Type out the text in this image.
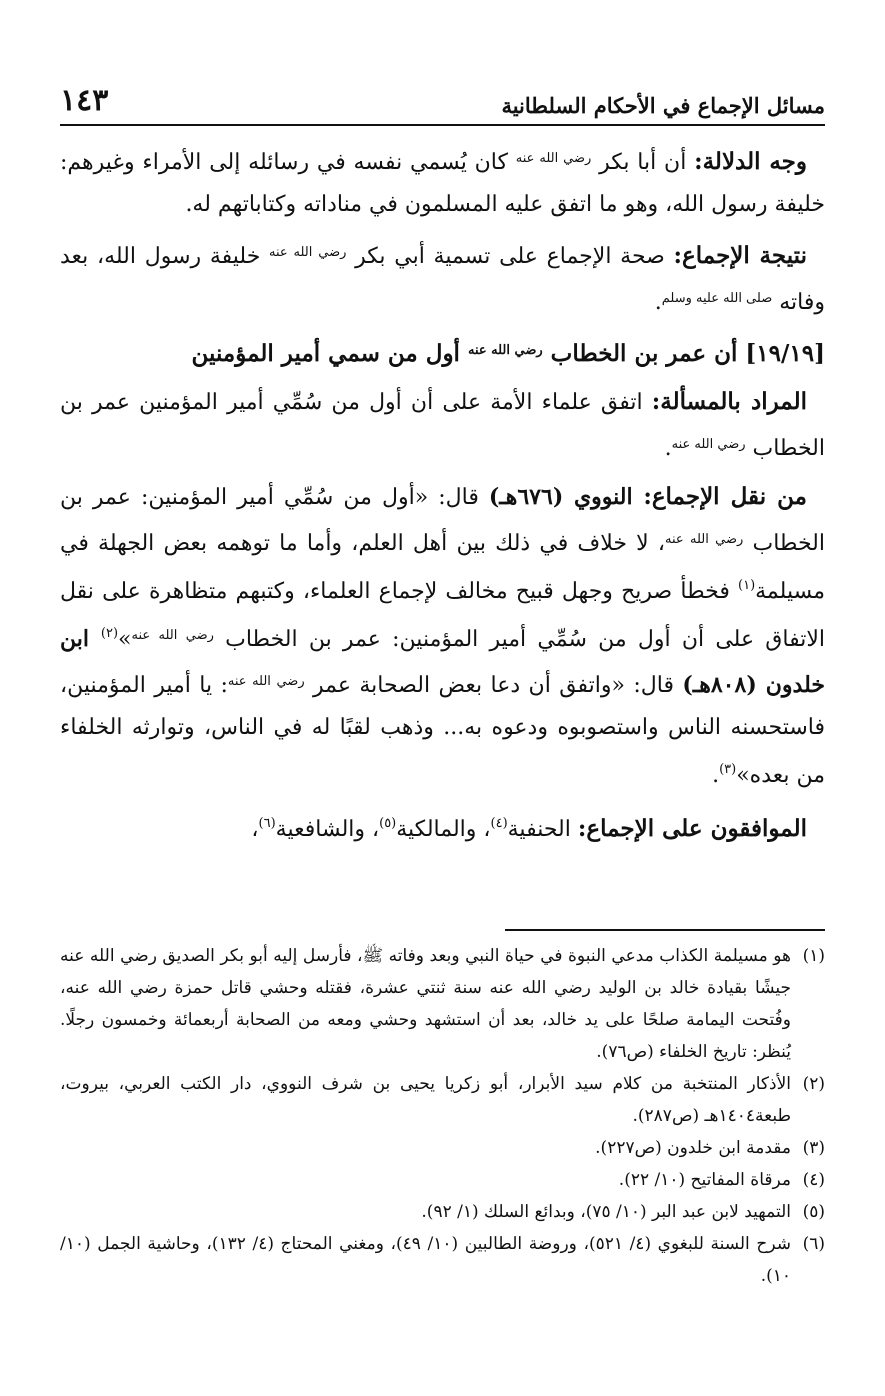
مسائل الإجماع في الأحكام السلطانية
١٤٣

وجه الدلالة: أن أبا بكر $^{رضي الله عنه}$ كان يُسمي نفسه في رسائله إلى الأمراء وغيرهم: خليفة رسول الله، وهو ما اتفق عليه المسلمون في مناداته وكتاباتهم له.

نتيجة الإجماع: صحة الإجماع على تسمية أبي بكر $^{رضي الله عنه}$ خليفة رسول الله، بعد وفاته $^{صلى الله عليه وسلم}$.

[١٩/١٩] أن عمر بن الخطاب $^{رضي الله عنه}$ أول من سمي أمير المؤمنين

المراد بالمسألة: اتفق علماء الأمة على أن أول من سُمِّي أمير المؤمنين عمر بن الخطاب $^{رضي الله عنه}$.

من نقل الإجماع: النووي (٦٧٦هـ) قال: «أول من سُمِّي أمير المؤمنين: عمر بن الخطاب $^{رضي الله عنه}$، لا خلاف في ذلك بين أهل العلم، وأما ما توهمه بعض الجهلة في مسيلمة$^{(١)}$ فخطأ صريح وجهل قبيح مخالف لإجماع العلماء، وكتبهم متظاهرة على نقل الاتفاق على أن أول من سُمِّي أمير المؤمنين: عمر بن الخطاب $^{رضي الله عنه}$»$^{(٢)}$ ابن خلدون (٨٠٨هـ) قال: «واتفق أن دعا بعض الصحابة عمر $^{رضي الله عنه}$: يا أمير المؤمنين، فاستحسنه الناس واستصوبوه ودعوه به... وذهب لقبًا له في الناس، وتوارثه الخلفاء من بعده»$^{(٣)}$.

الموافقون على الإجماع: الحنفية$^{(٤)}$، والمالكية$^{(٥)}$، والشافعية$^{(٦)}$،

(١)
هو مسيلمة الكذاب مدعي النبوة في حياة النبي وبعد وفاته ﷺ، فأرسل إليه أبو بكر الصديق رضي الله عنه جيشًا بقيادة خالد بن الوليد رضي الله عنه سنة ثنتي عشرة، فقتله وحشي قاتل حمزة رضي الله عنه، وفُتحت اليمامة صلحًا على يد خالد، بعد أن استشهد وحشي ومعه من الصحابة أربعمائة وخمسون رجلًا. يُنظر: تاريخ الخلفاء (ص٧٦).
(٢)
الأذكار المنتخبة من كلام سيد الأبرار، أبو زكريا يحيى بن شرف النووي، دار الكتب العربي، بيروت، طبعة١٤٠٤هـ (ص٢٨٧).
(٣)
مقدمة ابن خلدون (ص٢٢٧).
(٤)
مرقاة المفاتيح (١٠/ ٢٢).
(٥)
التمهيد لابن عبد البر (١٠/ ٧٥)، وبدائع السلك (١/ ٩٢).
(٦)
شرح السنة للبغوي (٤/ ٥٢١)، وروضة الطالبين (١٠/ ٤٩)، ومغني المحتاج (٤/ ١٣٢)، وحاشية الجمل (١٠/ ١٠).
